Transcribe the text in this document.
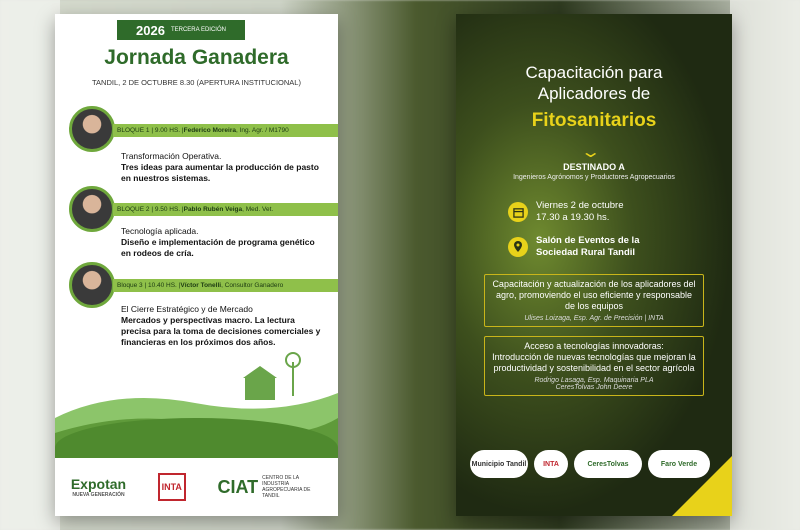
2026 TERCERA EDICIÓN
Jornada Ganadera
TANDIL, 2 DE OCTUBRE 8.30 (APERTURA INSTITUCIONAL)
BLOQUE 1 | 9.00 HS. | Federico Moreira , Ing. Agr. / M1790
Transformación Operativa.
Tres ideas para aumentar la producción de pasto en nuestros sistemas.
BLOQUE 2 | 9.50 HS. | Pablo Rubén Veiga , Med. Vet.
Tecnología aplicada.
Diseño e implementación de programa genético en rodeos de cría.
Bloque 3 | 10.40 HS. | Víctor Tonelli , Consultor Ganadero
El Cierre Estratégico y de Mercado
Mercados y perspectivas macro. La lectura precisa para la toma de decisiones comerciales y financieras en los próximos dos años.
Expotan
NUEVA GENERACIÓN
INTA CIAT CENTRO DE LA INDUSTRIA AGROPECUARIA DE TANDIL
Capacitación para
Aplicadores de
Fitosanitarios
⌄
DESTINADO A
Ingenieros Agrónomos y Productores Agropecuarios
Viernes 2 de octubre
17.30 a 19.30 hs.
Salón de Eventos de la
Sociedad Rural Tandil
Capacitación y actualización de los aplicadores del agro, promoviendo el uso eficiente y responsable de los equipos
Ulises Loizaga, Esp. Agr. de Precisión | INTA
Acceso a tecnologías innovadoras:
Introducción de nuevas tecnologías que mejoran la productividad y sostenibilidad en el sector agrícola
Rodrigo Lasaga, Esp. Maquinaria PLA
CeresTolvas John Deere
Municipio Tandil	INTA	CeresTolvas	Faro Verde
